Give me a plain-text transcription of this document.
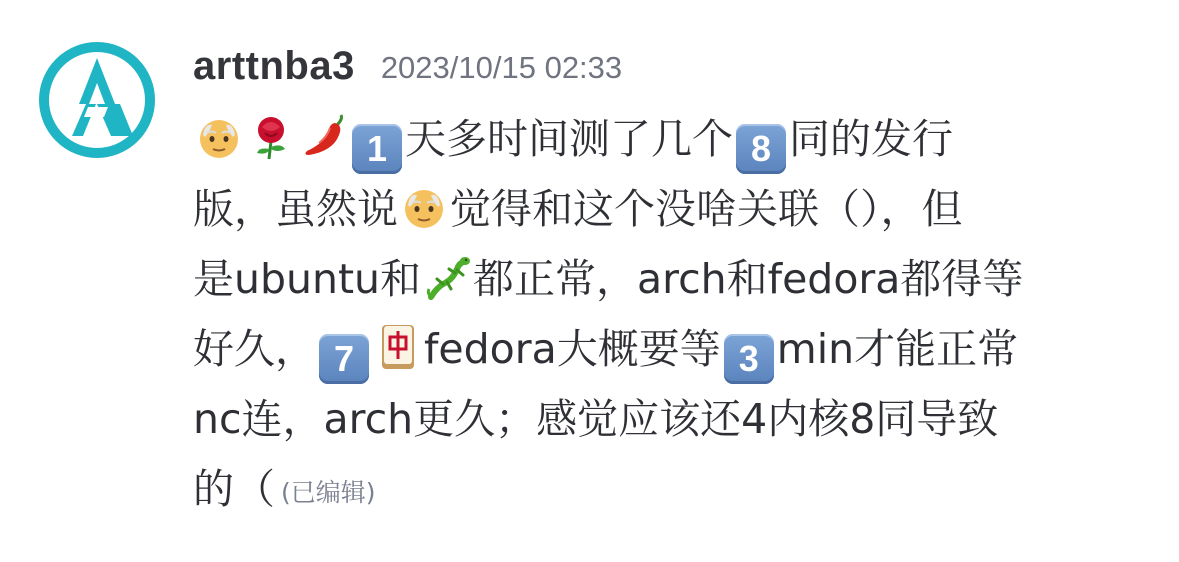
arttnba3 2023/10/15 02:33
1 天多时间测了几个 8 同的发行
版，虽然说 觉得和这个没啥关联（），但
是ubuntu和 都正常，arch和fedora都得等
好久， 7 fedora大概要等 3 min才能正常
nc连，arch更久；感觉应该还4内核8同导致
的（ (已编辑)
